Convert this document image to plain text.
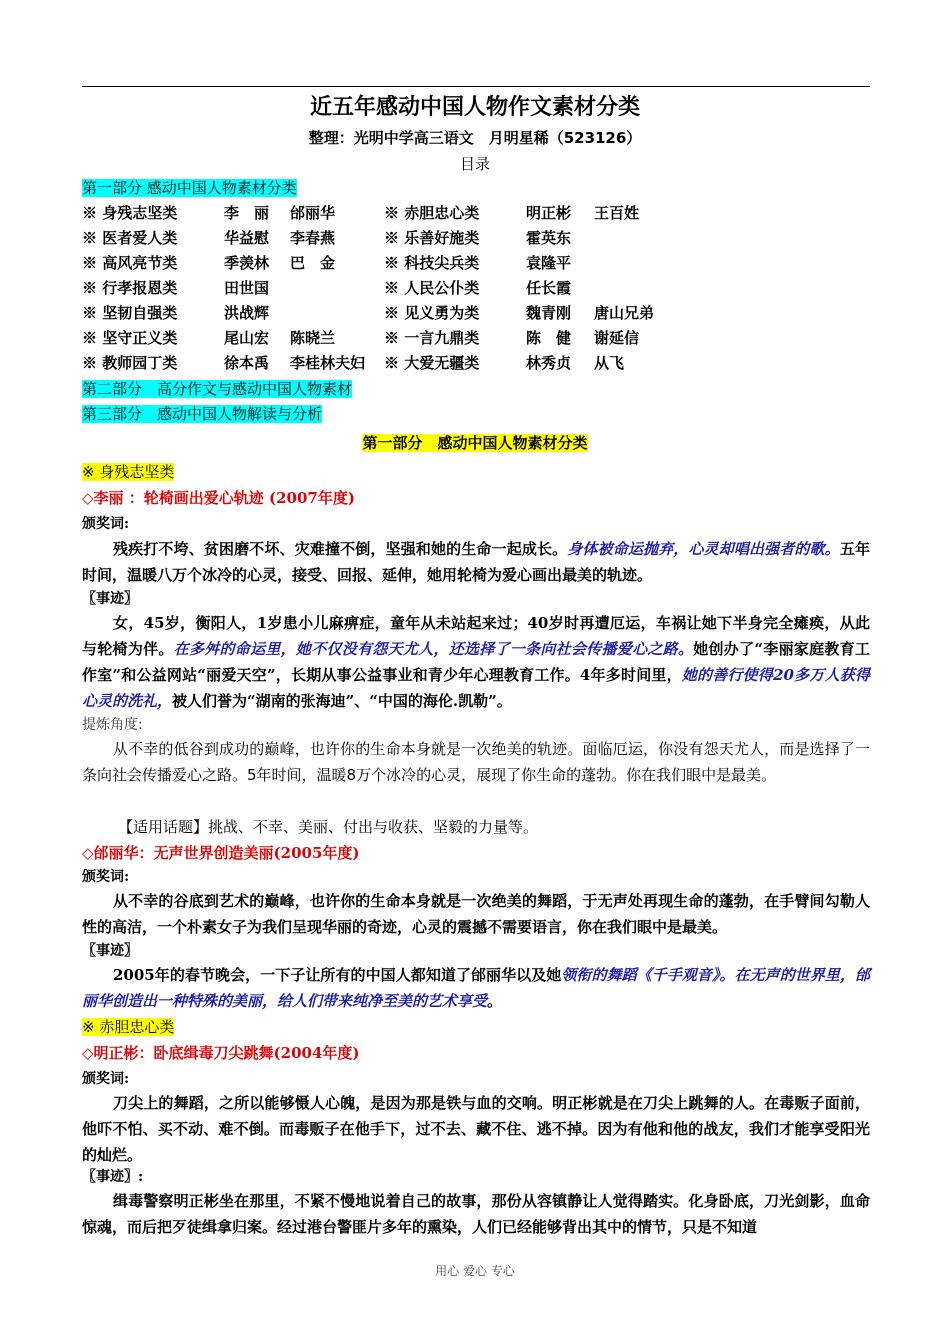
近五年感动中国人物作文素材分类
整理：光明中学高三语文　月明星稀（523126）
目录
第一部分 感动中国人物素材分类
※ 身残志坚类	李　丽 邰丽华	※ 赤胆忠心类	明正彬 王百姓
※ 医者爱人类	华益慰 李春燕	※ 乐善好施类	霍英东
※ 高风亮节类	季羡林 巴　金	※ 科技尖兵类	袁隆平
※ 行孝报恩类	田世国	※ 人民公仆类	任长霞
※ 坚韧自强类	洪战辉	※ 见义勇为类	魏青刚 唐山兄弟
※ 坚守正义类	尾山宏 陈晓兰	※ 一言九鼎类	陈　健 谢延信
※ 教师园丁类	徐本禹 李桂林夫妇 ※ 大爱无疆类	林秀贞 从飞
第二部分　高分作文与感动中国人物素材
第三部分　感动中国人物解读与分析
第一部分　感动中国人物素材分类
※ 身残志坚类
◇李丽 ：轮椅画出爱心轨迹 (2007年度)
颁奖词:

残疾打不垮、贫困磨不坏、灾难撞不倒，坚强和她的生命一起成长。身体被命运抛弃，心灵却唱出强者的歌。五年时间，温暖八万个冰冷的心灵，接受、回报、延伸，她用轮椅为爱心画出最美的轨迹。

〖事迹〗

女，45岁，衡阳人，1岁患小儿麻痹症，童年从未站起来过；40岁时再遭厄运，车祸让她下半身完全瘫痪，从此与轮椅为伴。在多舛的命运里，她不仅没有怨天尤人，还选择了一条向社会传播爱心之路。她创办了“李丽家庭教育工作室”和公益网站“丽爱天空”，长期从事公益事业和青少年心理教育工作。4年多时间里，她的善行使得20多万人获得心灵的洗礼，被人们誉为“湖南的张海迪”、“中国的海伦.凯勒”。

提炼角度:

从不幸的低谷到成功的巅峰，也许你的生命本身就是一次绝美的轨迹。面临厄运，你没有怨天尤人，而是选择了一条向社会传播爱心之路。5年时间，温暖8万个冰冷的心灵，展现了你生命的蓬勃。你在我们眼中是最美。

【适用话题】挑战、不幸、美丽、付出与收获、坚毅的力量等。

◇邰丽华：无声世界创造美丽(2005年度)
颁奖词:

从不幸的谷底到艺术的巅峰，也许你的生命本身就是一次绝美的舞蹈，于无声处再现生命的蓬勃，在手臂间勾勒人性的高洁，一个朴素女子为我们呈现华丽的奇迹，心灵的震撼不需要语言，你在我们眼中是最美。

〖事迹〗

2005年的春节晚会，一下子让所有的中国人都知道了邰丽华以及她领衔的舞蹈《千手观音》。在无声的世界里，邰丽华创造出一种特殊的美丽，给人们带来纯净至美的艺术享受。

※ 赤胆忠心类
◇明正彬：卧底缉毒刀尖跳舞(2004年度)
颁奖词:

刀尖上的舞蹈，之所以能够慑人心魄，是因为那是铁与血的交响。明正彬就是在刀尖上跳舞的人。在毒贩子面前，他吓不怕、买不动、难不倒。而毒贩子在他手下，过不去、藏不住、逃不掉。因为有他和他的战友，我们才能享受阳光的灿烂。

〖事迹〗:

缉毒警察明正彬坐在那里，不紧不慢地说着自己的故事，那份从容镇静让人觉得踏实。化身卧底，刀光剑影，血命惊魂，而后把歹徒缉拿归案。经过港台警匪片多年的熏染，人们已经能够背出其中的情节，只是不知道

用心 爱心 专心
